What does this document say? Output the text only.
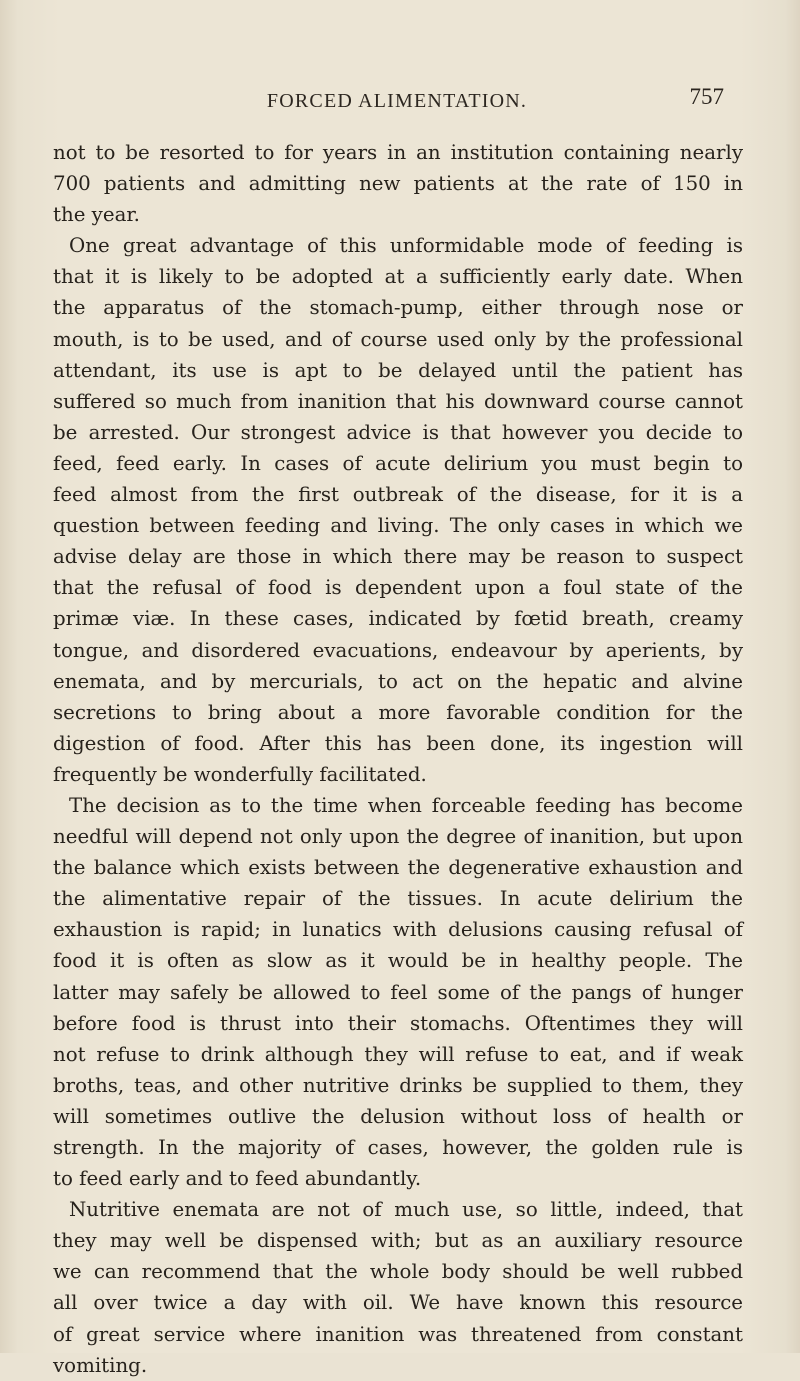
FORCED ALIMENTATION.	757
not to be resorted to for years in an institution containing nearly
700 patients and admitting new patients at the rate of 150 in
the year.
One great advantage of this unformidable mode of feeding is
that it is likely to be adopted at a sufficiently early date. When
the apparatus of the stomach-pump, either through nose or
mouth, is to be used, and of course used only by the professional
attendant, its use is apt to be delayed until the patient has
suffered so much from inanition that his downward course cannot
be arrested. Our strongest advice is that however you decide to
feed, feed early. In cases of acute delirium you must begin to
feed almost from the first outbreak of the disease, for it is a
question between feeding and living. The only cases in which we
advise delay are those in which there may be reason to suspect
that the refusal of food is dependent upon a foul state of the
primæ viæ. In these cases, indicated by fœtid breath, creamy
tongue, and disordered evacuations, endeavour by aperients, by
enemata, and by mercurials, to act on the hepatic and alvine
secretions to bring about a more favorable condition for the
digestion of food. After this has been done, its ingestion will
frequently be wonderfully facilitated.
The decision as to the time when forceable feeding has become
needful will depend not only upon the degree of inanition, but upon
the balance which exists between the degenerative exhaustion and
the alimentative repair of the tissues. In acute delirium the
exhaustion is rapid; in lunatics with delusions causing refusal of
food it is often as slow as it would be in healthy people. The
latter may safely be allowed to feel some of the pangs of hunger
before food is thrust into their stomachs. Oftentimes they will
not refuse to drink although they will refuse to eat, and if weak
broths, teas, and other nutritive drinks be supplied to them, they
will sometimes outlive the delusion without loss of health or
strength. In the majority of cases, however, the golden rule is
to feed early and to feed abundantly.
Nutritive enemata are not of much use, so little, indeed, that
they may well be dispensed with; but as an auxiliary resource
we can recommend that the whole body should be well rubbed
all over twice a day with oil. We have known this resource
of great service where inanition was threatened from constant
vomiting.
